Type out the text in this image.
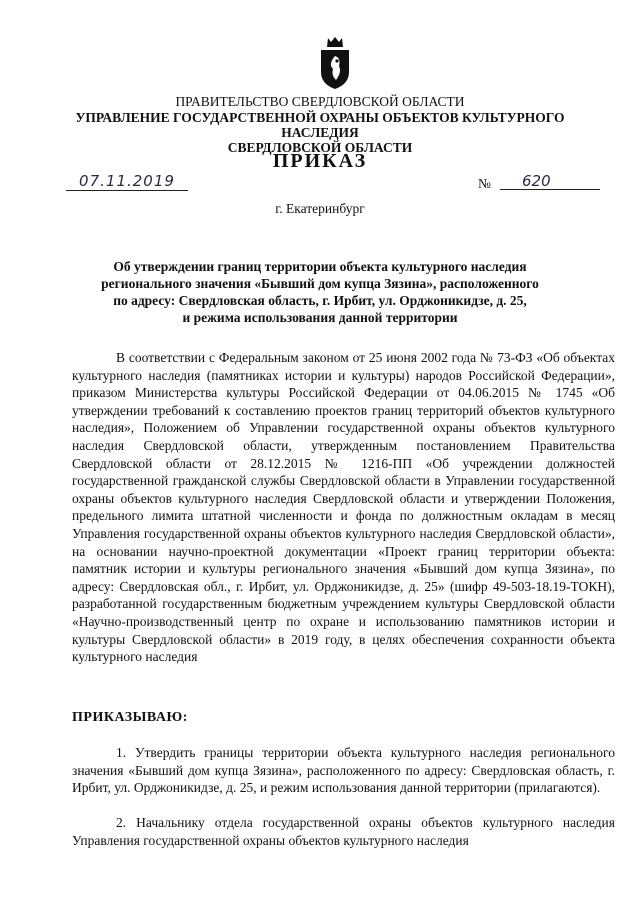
ПРАВИТЕЛЬСТВО СВЕРДЛОВСКОЙ ОБЛАСТИ
УПРАВЛЕНИЕ ГОСУДАРСТВЕННОЙ ОХРАНЫ ОБЪЕКТОВ КУЛЬТУРНОГО НАСЛЕДИЯ
СВЕРДЛОВСКОЙ ОБЛАСТИ
ПРИКАЗ
07.11.2019	№	620
г. Екатеринбург
Об утверждении границ территории объекта культурного наследия
регионального значения «Бывший дом купца Зязина», расположенного
по адресу: Свердловская область, г. Ирбит, ул. Орджоникидзе, д. 25,
и режима использования данной территории
В соответствии с Федеральным законом от 25 июня 2002 года № 73-ФЗ «Об объектах культурного наследия (памятниках истории и культуры) народов Российской Федерации», приказом Министерства культуры Российской Федерации от 04.06.2015 № 1745 «Об утверждении требований к составлению проектов границ территорий объектов культурного наследия», Положением об Управлении государственной охраны объектов культурного наследия Свердловской области, утвержденным постановлением Правительства Свердловской области от 28.12.2015 № 1216-ПП «Об учреждении должностей государственной гражданской службы Свердловской области в Управлении государственной охраны объектов культурного наследия Свердловской области и утверждении Положения, предельного лимита штатной численности и фонда по должностным окладам в месяц Управления государственной охраны объектов культурного наследия Свердловской области», на основании научно-проектной документации «Проект границ территории объекта: памятник истории и культуры регионального значения «Бывший дом купца Зязина», по адресу: Свердловская обл., г. Ирбит, ул. Орджоникидзе, д. 25» (шифр 49-503-18.19-ТОКН), разработанной государственным бюджетным учреждением культуры Свердловской области «Научно-производственный центр по охране и использованию памятников истории и культуры Свердловской области» в 2019 году, в целях обеспечения сохранности объекта культурного наследия
ПРИКАЗЫВАЮ:
1. Утвердить границы территории объекта культурного наследия регионального значения «Бывший дом купца Зязина», расположенного по адресу: Свердловская область, г. Ирбит, ул. Орджоникидзе, д. 25, и режим использования данной территории (прилагаются).
2. Начальнику отдела государственной охраны объектов культурного наследия Управления государственной охраны объектов культурного наследия
